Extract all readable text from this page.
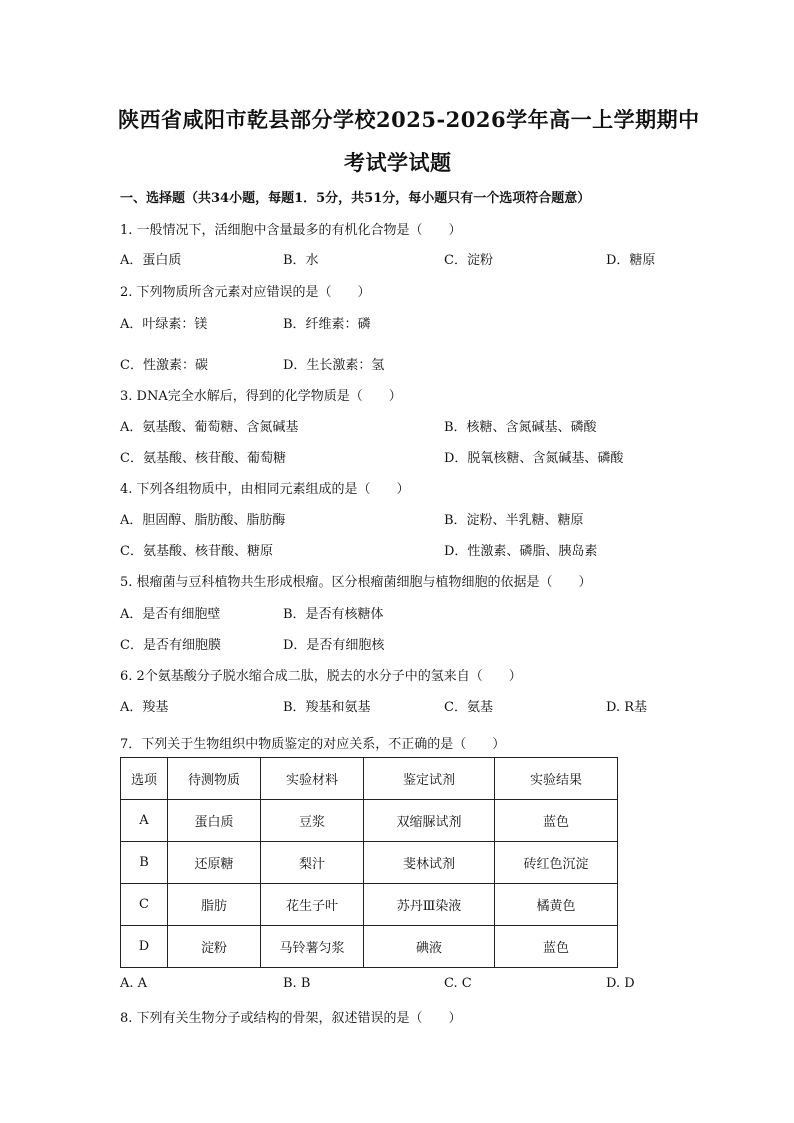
陕西省咸阳市乾县部分学校2025-2026学年高一上学期期中
考试学试题
一、选择题（共34小题，每题1．5分，共51分，每小题只有一个选项符合题意）
1. 一般情况下，活细胞中含量最多的有机化合物是（　　）
A．蛋白质	B．水	C．淀粉	D．糖原
2. 下列物质所含元素对应错误的是（　　）
A．叶绿素：镁	B．纤维素：磷
C．性激素：碳	D．生长激素：氢
3. DNA完全水解后，得到的化学物质是（　　）
A．氨基酸、葡萄糖、含氮碱基	B．核糖、含氮碱基、磷酸
C．氨基酸、核苷酸、葡萄糖	D．脱氧核糖、含氮碱基、磷酸
4. 下列各组物质中，由相同元素组成的是（　　）
A．胆固醇、脂肪酸、脂肪酶	B．淀粉、半乳糖、糖原
C．氨基酸、核苷酸、糖原	D．性激素、磷脂、胰岛素
5. 根瘤菌与豆科植物共生形成根瘤。区分根瘤菌细胞与植物细胞的依据是（　　）
A．是否有细胞壁	B．是否有核糖体
C．是否有细胞膜	D．是否有细胞核
6. 2个氨基酸分子脱水缩合成二肽，脱去的水分子中的氢来自（　　）
A．羧基	B．羧基和氨基	C．氨基	D. R基
7．下列关于生物组织中物质鉴定的对应关系，不正确的是（　　）
选项	待测物质	实验材料	鉴定试剂	实验结果
A	蛋白质	豆浆	双缩脲试剂	蓝色
B	还原糖	梨汁	斐林试剂	砖红色沉淀
C	脂肪	花生子叶	苏丹Ⅲ染液	橘黄色
D	淀粉	马铃薯匀浆	碘液	蓝色
A. A	B. B	C. C	D. D
8. 下列有关生物分子或结构的骨架，叙述错误的是（　　）
